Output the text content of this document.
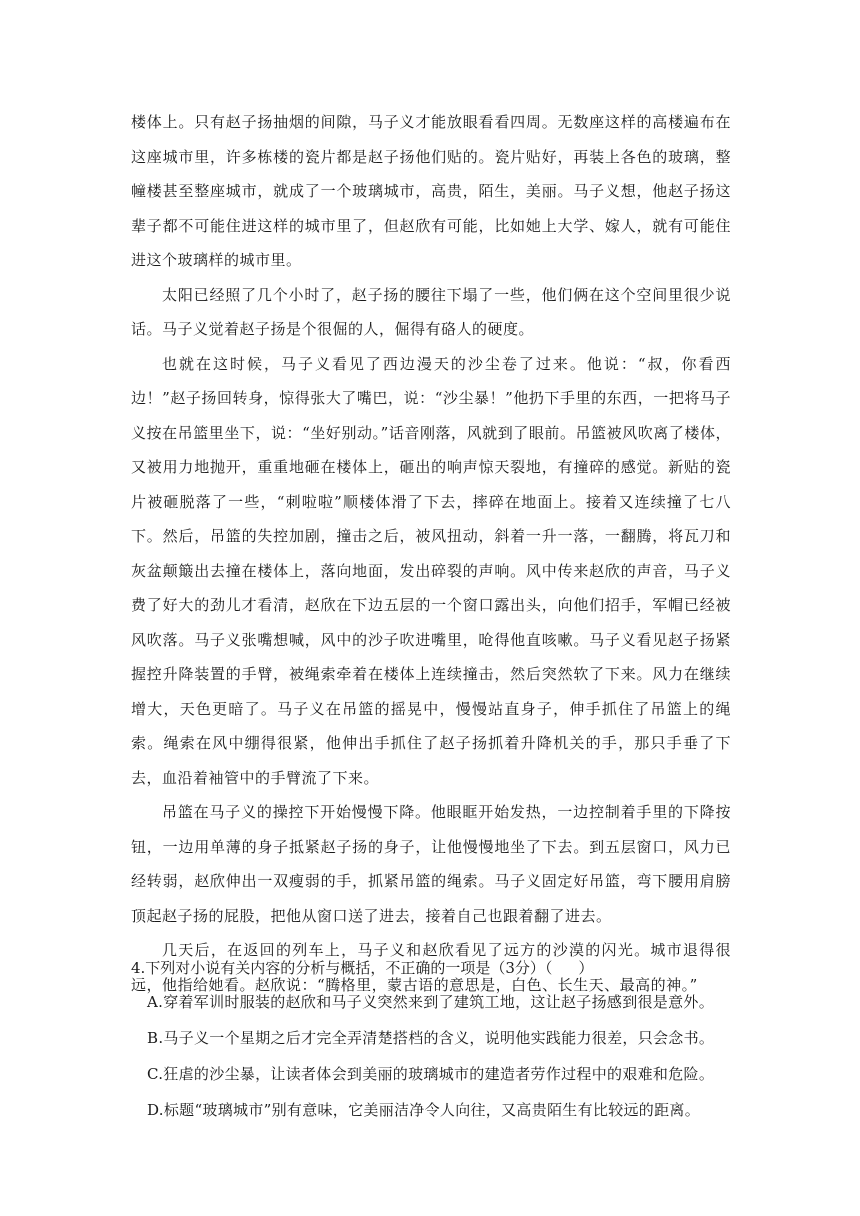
楼体上。只有赵子扬抽烟的间隙，马子义才能放眼看看四周。无数座这样的高楼遍布在这座城市里，许多栋楼的瓷片都是赵子扬他们贴的。瓷片贴好，再装上各色的玻璃，整幢楼甚至整座城市，就成了一个玻璃城市，高贵，陌生，美丽。马子义想，他赵子扬这辈子都不可能住进这样的城市里了，但赵欣有可能，比如她上大学、嫁人，就有可能住进这个玻璃样的城市里。

太阳已经照了几个小时了，赵子扬的腰往下塌了一些，他们俩在这个空间里很少说话。马子义觉着赵子扬是个很倔的人，倔得有硌人的硬度。

也就在这时候，马子义看见了西边漫天的沙尘卷了过来。他说：“叔，你看西边！”赵子扬回转身，惊得张大了嘴巴，说：“沙尘暴！”他扔下手里的东西，一把将马子义按在吊篮里坐下，说：“坐好别动。”话音刚落，风就到了眼前。吊篮被风吹离了楼体，又被用力地抛开，重重地砸在楼体上，砸出的响声惊天裂地，有撞碎的感觉。新贴的瓷片被砸脱落了一些，“刺啦啦”顺楼体滑了下去，摔碎在地面上。接着又连续撞了七八下。然后，吊篮的失控加剧，撞击之后，被风扭动，斜着一升一落，一翻腾，将瓦刀和灰盆颠簸出去撞在楼体上，落向地面，发出碎裂的声响。风中传来赵欣的声音，马子义费了好大的劲儿才看清，赵欣在下边五层的一个窗口露出头，向他们招手，军帽已经被风吹落。马子义张嘴想喊，风中的沙子吹进嘴里，呛得他直咳嗽。马子义看见赵子扬紧握控升降装置的手臂，被绳索牵着在楼体上连续撞击，然后突然软了下来。风力在继续增大，天色更暗了。马子义在吊篮的摇晃中，慢慢站直身子，伸手抓住了吊篮上的绳索。绳索在风中绷得很紧，他伸出手抓住了赵子扬抓着升降机关的手，那只手垂了下去，血沿着袖管中的手臂流了下来。

吊篮在马子义的操控下开始慢慢下降。他眼眶开始发热，一边控制着手里的下降按钮，一边用单薄的身子抵紧赵子扬的身子，让他慢慢地坐了下去。到五层窗口，风力已经转弱，赵欣伸出一双瘦弱的手，抓紧吊篮的绳索。马子义固定好吊篮，弯下腰用肩膀顶起赵子扬的屁股，把他从窗口送了进去，接着自己也跟着翻了进去。

几天后，在返回的列车上，马子义和赵欣看见了远方的沙漠的闪光。城市退得很远，他指给她看。赵欣说：“腾格里，蒙古语的意思是，白色、长生天、最高的神。”

4.下列对小说有关内容的分析与概括，不正确的一项是（3分）（ ）

A.穿着军训时服装的赵欣和马子义突然来到了建筑工地，这让赵子扬感到很是意外。

B.马子义一个星期之后才完全弄清楚搭档的含义，说明他实践能力很差，只会念书。

C.狂虐的沙尘暴，让读者体会到美丽的玻璃城市的建造者劳作过程中的艰难和危险。

D.标题“玻璃城市”别有意味，它美丽洁净令人向往，又高贵陌生有比较远的距离。
